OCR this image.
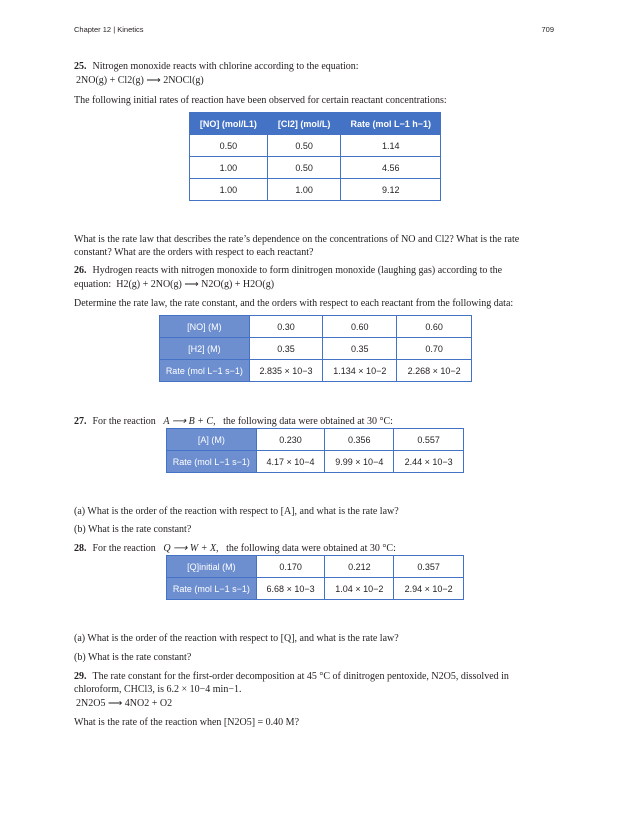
Chapter 12 | Kinetics	709
25. Nitrogen monoxide reacts with chlorine according to the equation:
2NO(g) + Cl2(g) ⟶ 2NOCl(g)
The following initial rates of reaction have been observed for certain reactant concentrations:
[NO] (mol/L1)	[Cl2] (mol/L)	Rate (mol L−1 h−1)
0.50	0.50	1.14
1.00	0.50	4.56
1.00	1.00	9.12
What is the rate law that describes the rate’s dependence on the concentrations of NO and Cl2? What is the rate
constant? What are the orders with respect to each reactant?
26. Hydrogen reacts with nitrogen monoxide to form dinitrogen monoxide (laughing gas) according to the
equation: H2(g) + 2NO(g) ⟶ N2O(g) + H2O(g)
Determine the rate law, the rate constant, and the orders with respect to each reactant from the following data:
[NO] (M)	0.30	0.60	0.60
[H2] (M)	0.35	0.35	0.70
Rate (mol L−1 s−1)	2.835 × 10−3	1.134 × 10−2	2.268 × 10−2
27. For the reaction A ⟶ B + C, the following data were obtained at 30 °C:
[A] (M)	0.230	0.356	0.557
Rate (mol L−1 s−1)	4.17 × 10−4	9.99 × 10−4	2.44 × 10−3
(a) What is the order of the reaction with respect to [A], and what is the rate law?
(b) What is the rate constant?
28. For the reaction Q ⟶ W + X, the following data were obtained at 30 °C:
[Q]initial (M)	0.170	0.212	0.357
Rate (mol L−1 s−1)	6.68 × 10−3	1.04 × 10−2	2.94 × 10−2
(a) What is the order of the reaction with respect to [Q], and what is the rate law?
(b) What is the rate constant?
29. The rate constant for the first-order decomposition at 45 °C of dinitrogen pentoxide, N2O5, dissolved in
chloroform, CHCl3, is 6.2 × 10−4 min−1.
2N2O5 ⟶ 4NO2 + O2
What is the rate of the reaction when [N2O5] = 0.40 M?
